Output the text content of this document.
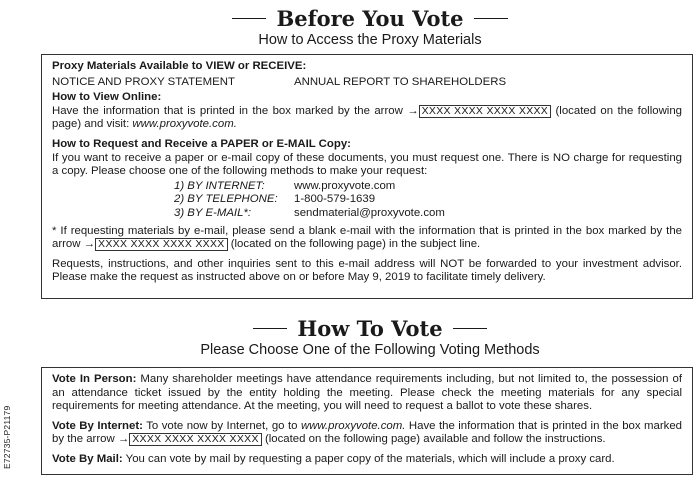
E72735-P21179
Before You Vote
How to Access the Proxy Materials
Proxy Materials Available to VIEW or RECEIVE:
NOTICE AND PROXY STATEMENT	ANNUAL REPORT TO SHAREHOLDERS
How to View Online:
Have the information that is printed in the box marked by the arrow → XXXX XXXX XXXX XXXX (located on the following page) and visit: www.proxyvote.com.
How to Request and Receive a PAPER or E-MAIL Copy:
If you want to receive a paper or e-mail copy of these documents, you must request one. There is NO charge for requesting a copy. Please choose one of the following methods to make your request:
1) BY INTERNET:	www.proxyvote.com
2) BY TELEPHONE:	1-800-579-1639
3) BY E-MAIL*:	sendmaterial@proxyvote.com
* If requesting materials by e-mail, please send a blank e-mail with the information that is printed in the box marked by the arrow → XXXX XXXX XXXX XXXX (located on the following page) in the subject line.
Requests, instructions, and other inquiries sent to this e-mail address will NOT be forwarded to your investment advisor. Please make the request as instructed above on or before May 9, 2019 to facilitate timely delivery.
How To Vote
Please Choose One of the Following Voting Methods
Vote In Person: Many shareholder meetings have attendance requirements including, but not limited to, the possession of an attendance ticket issued by the entity holding the meeting. Please check the meeting materials for any special requirements for meeting attendance. At the meeting, you will need to request a ballot to vote these shares.
Vote By Internet: To vote now by Internet, go to www.proxyvote.com. Have the information that is printed in the box marked by the arrow → XXXX XXXX XXXX XXXX (located on the following page) available and follow the instructions.
Vote By Mail: You can vote by mail by requesting a paper copy of the materials, which will include a proxy card.
